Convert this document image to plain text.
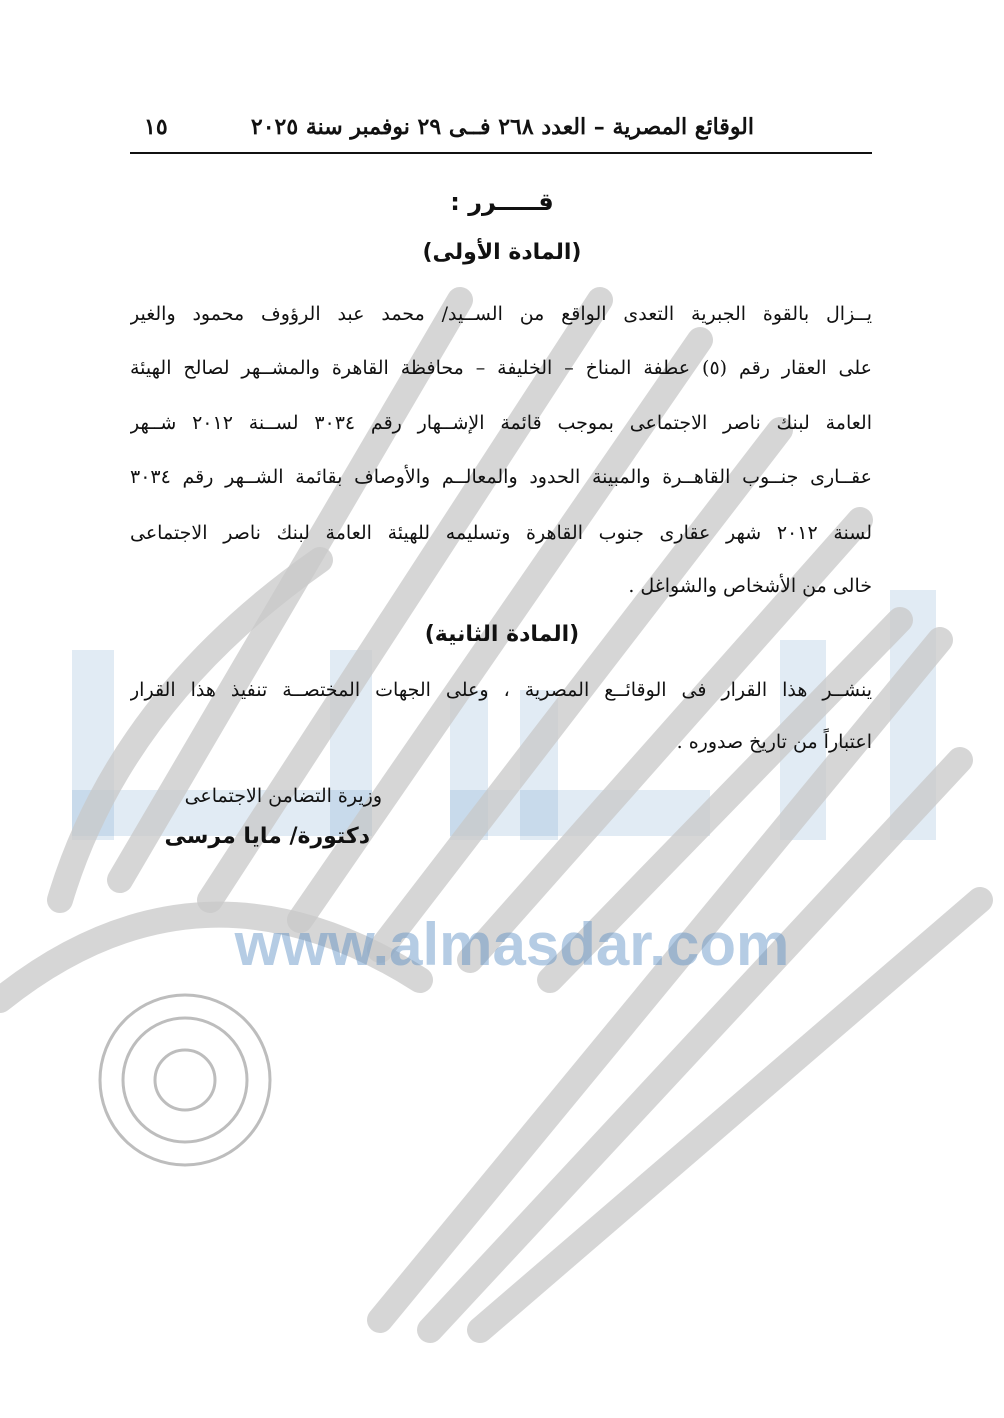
www.almasdar.com
الوقائع المصرية – العدد ٢٦٨ فــى ٢٩ نوفمبر سنة ٢٠٢٥
١٥
قـــــرر :
(المادة الأولى)
يــزال بالقوة الجبرية التعدى الواقع من الســيد/ محمد عبد الرؤوف محمود والغير
على العقار رقم (٥) عطفة المناخ – الخليفة – محافظة القاهرة والمشــهر لصالح الهيئة
العامة لبنك ناصر الاجتماعى بموجب قائمة الإشــهار رقم ٣٠٣٤ لســنة ٢٠١٢ شــهر
عقــارى جنــوب القاهــرة والمبينة الحدود والمعالــم والأوصاف بقائمة الشــهر رقم ٣٠٣٤
لسنة ٢٠١٢ شهر عقارى جنوب القاهرة وتسليمه للهيئة العامة لبنك ناصر الاجتماعى
خالى من الأشخاص والشواغل .
(المادة الثانية)
ينشــر هذا القرار فى الوقائــع المصرية ، وعلى الجهات المختصــة تنفيذ هذا القرار
اعتباراً من تاريخ صدوره .
وزيرة التضامن الاجتماعى
دكتورة/ مايا مرسى
